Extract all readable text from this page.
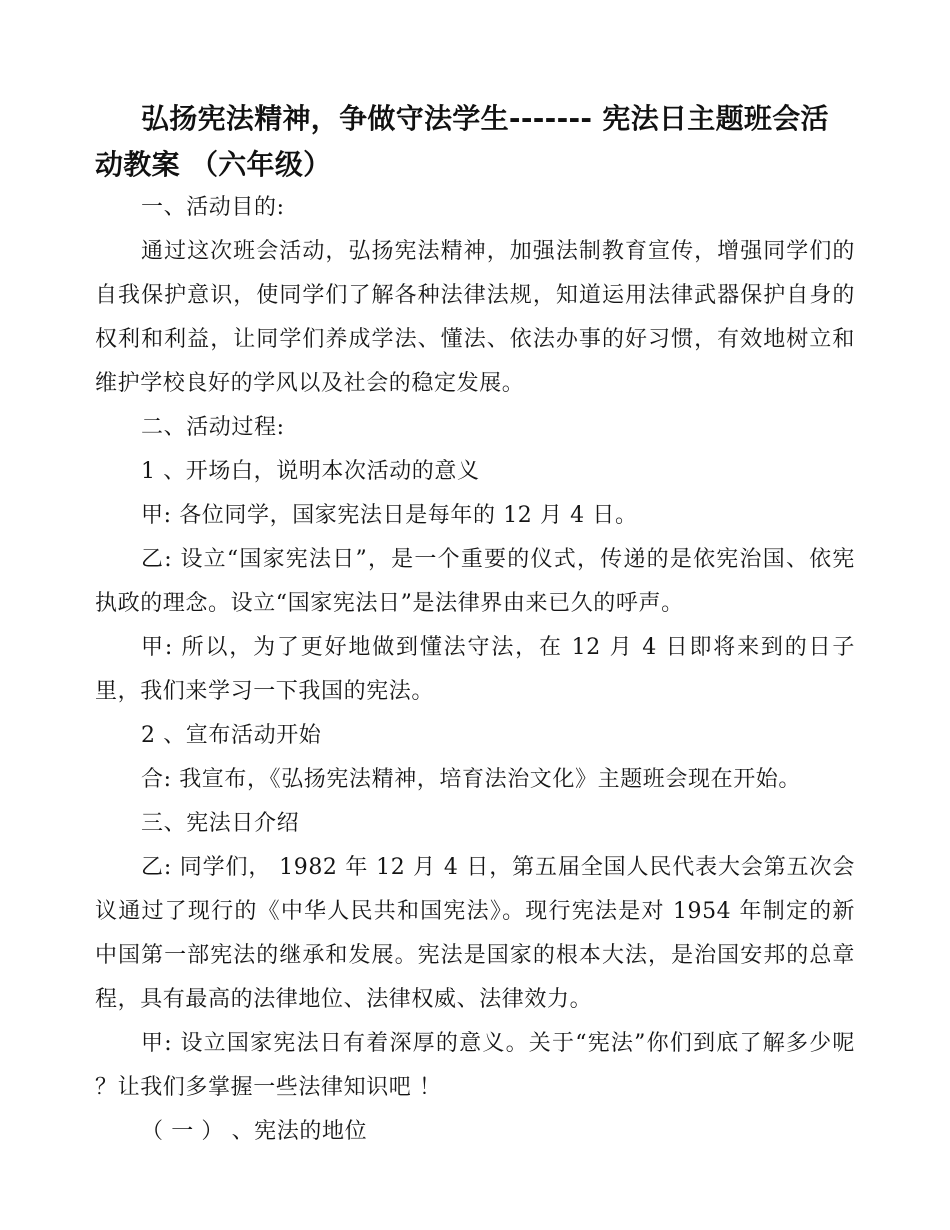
弘扬宪法精神，争做守法学生------- 宪法日主题班会活动教案 （六年级）

一、活动目的:

通过这次班会活动，弘扬宪法精神，加强法制教育宣传，增强同学们的自我保护意识，使同学们了解各种法律法规，知道运用法律武器保护自身的权利和利益，让同学们养成学法、懂法、依法办事的好习惯，有效地树立和维护学校良好的学风以及社会的稳定发展。

二、活动过程:

1 、开场白，说明本次活动的意义

甲: 各位同学，国家宪法日是每年的 12 月 4 日。

乙: 设立“国家宪法日”，是一个重要的仪式，传递的是依宪治国、依宪执政的理念。设立“国家宪法日”是法律界由来已久的呼声。

甲: 所以，为了更好地做到懂法守法，在 12 月 4 日即将来到的日子里，我们来学习一下我国的宪法。

2 、宣布活动开始

合: 我宣布，《弘扬宪法精神，培育法治文化》主题班会现在开始。

三、宪法日介绍

乙: 同学们， 1982 年 12 月 4 日，第五届全国人民代表大会第五次会议通过了现行的《中华人民共和国宪法》。现行宪法是对 1954 年制定的新中国第一部宪法的继承和发展。宪法是国家的根本大法，是治国安邦的总章程，具有最高的法律地位、法律权威、法律效力。

甲: 设立国家宪法日有着深厚的意义。关于“宪法”你们到底了解多少呢 ？让我们多掌握一些法律知识吧 ！

（ 一 ） 、宪法的地位
